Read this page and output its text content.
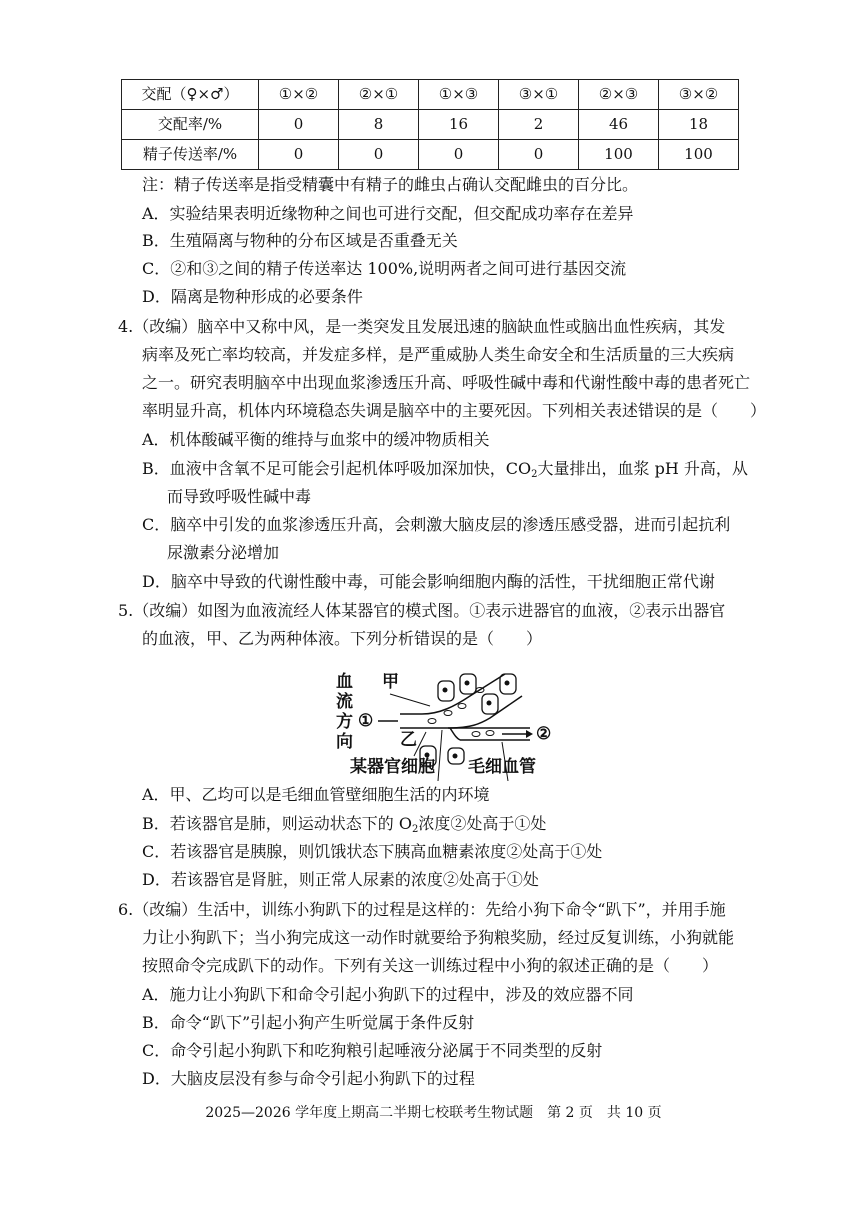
交配（♀×♂）	①×②	②×①	①×③	③×①	②×③	③×②
交配率/%	0	8	16	2	46	18
精子传送率/%	0	0	0	0	100	100
注：精子传送率是指受精囊中有精子的雌虫占确认交配雌虫的百分比。
A．实验结果表明近缘物种之间也可进行交配，但交配成功率存在差异
B．生殖隔离与物种的分布区域是否重叠无关
C．②和③之间的精子传送率达 100%,说明两者之间可进行基因交流
D．隔离是物种形成的必要条件
4.（改编）脑卒中又称中风，是一类突发且发展迅速的脑缺血性或脑出血性疾病，其发
病率及死亡率均较高，并发症多样，是严重威胁人类生命安全和生活质量的三大疾病
之一。研究表明脑卒中出现血浆渗透压升高、呼吸性碱中毒和代谢性酸中毒的患者死亡
率明显升高，机体内环境稳态失调是脑卒中的主要死因。下列相关表述错误的是（　　）
A．机体酸碱平衡的维持与血浆中的缓冲物质相关
B．血液中含氧不足可能会引起机体呼吸加深加快，$CO_2$大量排出，血浆 pH 升高，从
而导致呼吸性碱中毒
C．脑卒中引发的血浆渗透压升高，会刺激大脑皮层的渗透压感受器，进而引起抗利
尿激素分泌增加
D．脑卒中导致的代谢性酸中毒，可能会影响细胞内酶的活性，干扰细胞正常代谢
5.（改编）如图为血液流经人体某器官的模式图。①表示进器官的血液，②表示出器官
的血液，甲、乙为两种体液。下列分析错误的是（　　）
血
流
方
向
①
②
甲
乙
某器官细胞 毛细血管
A．甲、乙均可以是毛细血管壁细胞生活的内环境
B．若该器官是肺，则运动状态下的 $O_2$浓度②处高于①处
C．若该器官是胰腺，则饥饿状态下胰高血糖素浓度②处高于①处
D．若该器官是肾脏，则正常人尿素的浓度②处高于①处
6.（改编）生活中，训练小狗趴下的过程是这样的：先给小狗下命令“趴下”，并用手施
力让小狗趴下；当小狗完成这一动作时就要给予狗粮奖励，经过反复训练，小狗就能
按照命令完成趴下的动作。下列有关这一训练过程中小狗的叙述正确的是（　　）
A．施力让小狗趴下和命令引起小狗趴下的过程中，涉及的效应器不同
B．命令“趴下”引起小狗产生听觉属于条件反射
C．命令引起小狗趴下和吃狗粮引起唾液分泌属于不同类型的反射
D．大脑皮层没有参与命令引起小狗趴下的过程
2025—2026 学年度上期高二半期七校联考生物试题　第 2 页　共 10 页
